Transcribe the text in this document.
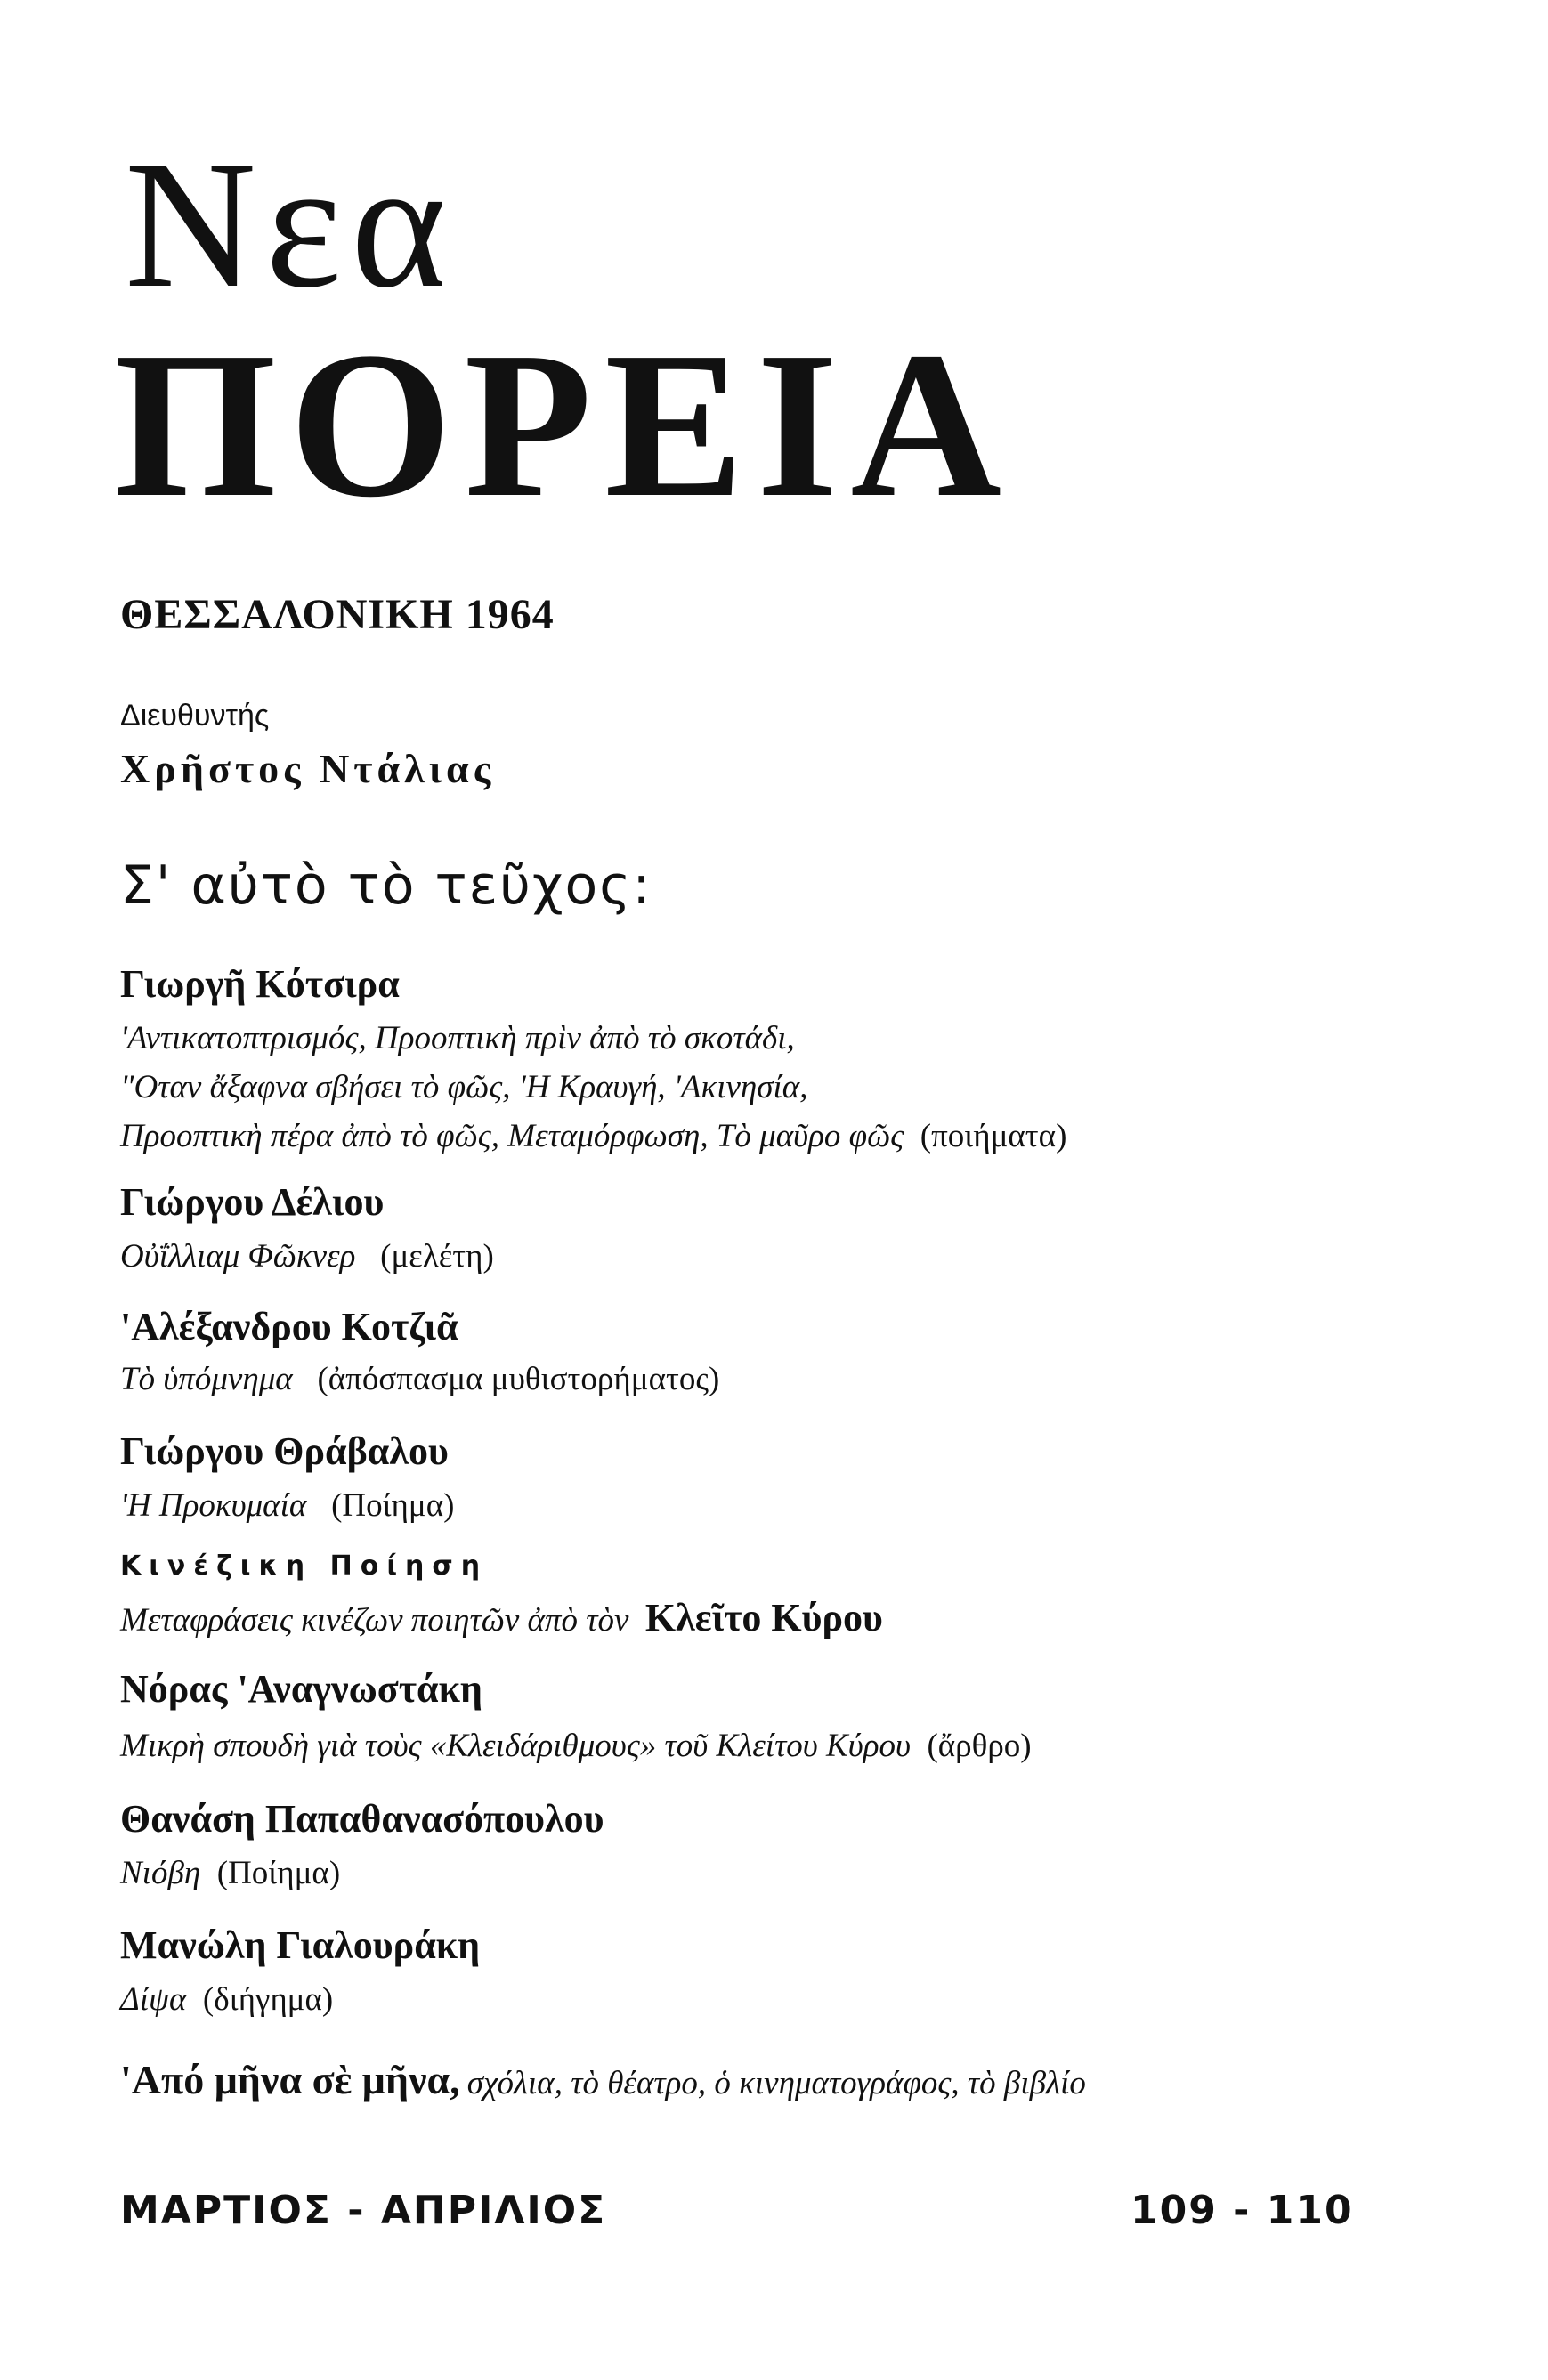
Νεα
ΠΟΡΕΙΑ
ΘΕΣΣΑΛΟΝΙΚΗ 1964
Διευθυντής
Χρῆστος Ντάλιας
Σ' αὐτὸ τὸ τεῦχος:
Γιωργῆ Κότσιρα
'Αντικατοπτρισμός, Προοπτικὴ πρὶν ἀπὸ τὸ σκοτάδι,
"Οταν ἄξαφνα σβήσει τὸ φῶς, 'Η Κραυγή, 'Ακινησία,
Προοπτικὴ πέρα ἀπὸ τὸ φῶς, Μεταμόρφωση, Τὸ μαῦρο φῶς (ποιήματα)
Γιώργου Δέλιου
Οὐΐλλιαμ Φῶκνερ (μελέτη)
'Αλέξανδρου Κοτζιᾶ
Τὸ ὑπόμνημα (ἀπόσπασμα μυθιστορήματος)
Γιώργου Θράβαλου
'Η Προκυμαία (Ποίημα)
Κινέζικη Ποίηση
Μεταφράσεις κινέζων ποιητῶν ἀπὸ τὸν Κλεῖτο Κύρου
Νόρας 'Αναγνωστάκη
Μικρὴ σπουδὴ γιὰ τοὺς «Κλειδάριθμους» τοῦ Κλείτου Κύρου (ἄρθρο)
Θανάση Παπαθανασόπουλου
Νιόβη (Ποίημα)
Μανώλη Γιαλουράκη
Δίψα (διήγημα)
'Από μῆνα σὲ μῆνα, σχόλια, τὸ θέατρο, ὁ κινηματογράφος, τὸ βιβλίο
ΜΑΡΤΙΟΣ - ΑΠΡΙΛΙΟΣ	109 - 110
